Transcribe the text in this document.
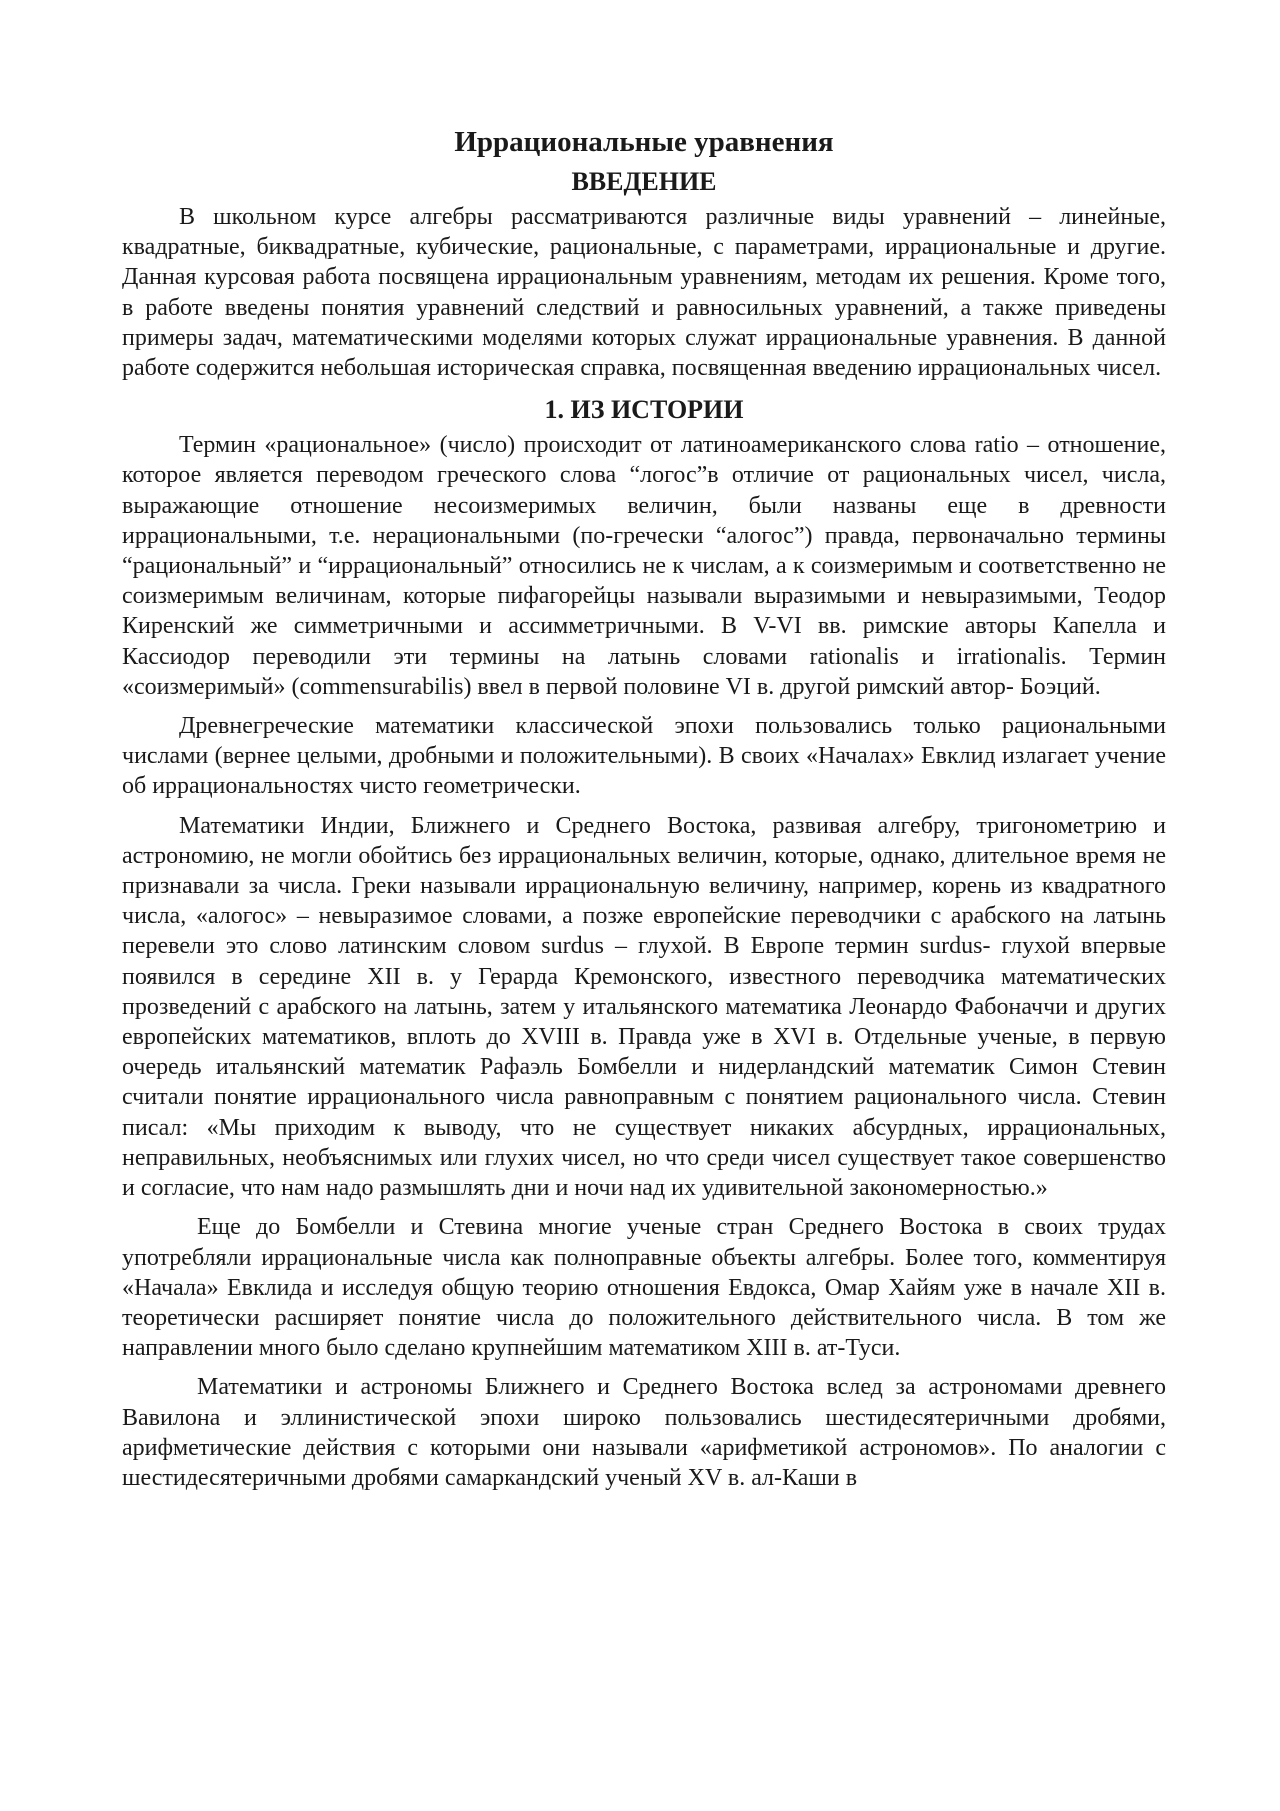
Иррациональные уравнения
ВВЕДЕНИЕ

В школьном курсе алгебры рассматриваются различные виды уравнений – линейные, квадратные, биквадратные, кубические, рациональные, с параметрами, иррациональные и другие. Данная курсовая работа посвящена иррациональным уравнениям, методам их решения. Кроме того, в работе введены понятия уравнений следствий и равносильных уравнений, а также приведены примеры задач, математическими моделями которых служат иррациональные уравнения. В данной работе содержится небольшая историческая справка, посвященная введению иррациональных чисел.

1. ИЗ ИСТОРИИ

Термин «рациональное» (число) происходит от латиноамериканского слова ratio – отношение, которое является переводом греческого слова “логос”в отличие от рациональных чисел, числа, выражающие отношение несоизмеримых величин, были названы еще в древности иррациональными, т.е. нерациональными (по-гречески “алогос”) правда, первоначально термины “рациональный” и “иррациональный” относились не к числам, а к соизмеримым и соответственно не соизмеримым величинам, которые пифагорейцы называли выразимыми и невыразимыми, Теодор Киренский же симметричными и ассимметричными. В V-VI вв. римские авторы Капелла и Кассиодор переводили эти термины на латынь словами rationalis и irrationalis. Термин «соизмеримый» (commensurabilis) ввел в первой половине VI в. другой римский автор- Боэций.

Древнегреческие математики классической эпохи пользовались только рациональными числами (вернее целыми, дробными и положительными). В своих «Началах» Евклид излагает учение об иррациональностях чисто геометрически.

Математики Индии, Ближнего и Среднего Востока, развивая алгебру, тригонометрию и астрономию, не могли обойтись без иррациональных величин, которые, однако, длительное время не признавали за числа. Греки называли иррациональную величину, например, корень из квадратного числа, «алогос» – невыразимое словами, а позже европейские переводчики с арабского на латынь перевели это слово латинским словом surdus – глухой. В Европе термин surdus- глухой впервые появился в середине XII в. у Герарда Кремонского, известного переводчика математических прозведений с арабского на латынь, затем у итальянского математика Леонардо Фабоначчи и других европейских математиков, вплоть до XVIII в. Правда уже в XVI в. Отдельные ученые, в первую очередь итальянский математик Рафаэль Бомбелли и нидерландский математик Симон Стевин считали понятие иррационального числа равноправным с понятием рационального числа. Стевин писал: «Мы приходим к выводу, что не существует никаких абсурдных, иррациональных, неправильных, необъяснимых или глухих чисел, но что среди чисел существует такое совершенство и согласие, что нам надо размышлять дни и ночи над их удивительной закономерностью.»

Еще до Бомбелли и Стевина многие ученые стран Среднего Востока в своих трудах употребляли иррациональные числа как полноправные объекты алгебры. Более того, комментируя «Начала» Евклида и исследуя общую теорию отношения Евдокса, Омар Хайям уже в начале XII в. теоретически расширяет понятие числа до положительного действительного числа. В том же направлении много было сделано крупнейшим математиком XIII в. ат-Туси.

Математики и астрономы Ближнего и Среднего Востока вслед за астрономами древнего Вавилона и эллинистической эпохи широко пользовались шестидесятеричными дробями, арифметические действия с которыми они называли «арифметикой астрономов». По аналогии с шестидесятеричными дробями самаркандский ученый XV в. ал-Каши в
